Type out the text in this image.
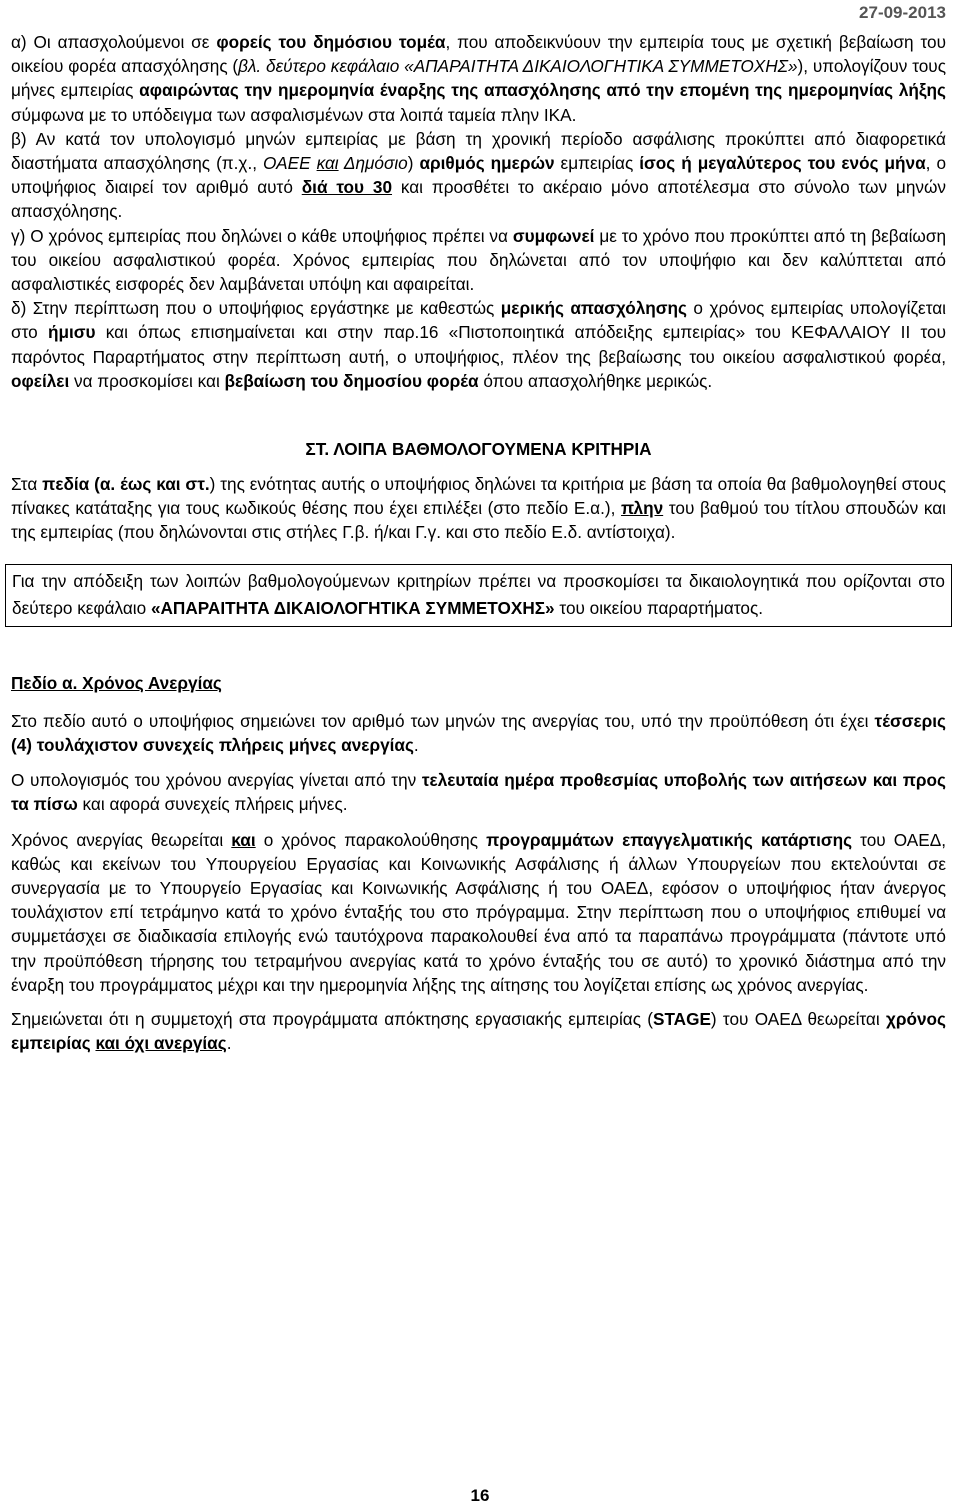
27-09-2013

α) Οι απασχολούμενοι σε φορείς του δημόσιου τομέα, που αποδεικνύουν την εμπειρία τους με σχετική βεβαίωση του οικείου φορέα απασχόλησης (βλ. δεύτερο κεφάλαιο «ΑΠΑΡΑΙΤΗΤΑ ΔΙΚΑΙΟΛΟΓΗΤΙΚΑ ΣΥΜΜΕΤΟΧΗΣ»), υπολογίζουν τους μήνες εμπειρίας αφαιρώντας την ημερομηνία έναρξης της απασχόλησης από την επομένη της ημερομηνίας λήξης σύμφωνα με το υπόδειγμα των ασφαλισμένων στα λοιπά ταμεία πλην ΙΚΑ.

β) Αν κατά τον υπολογισμό μηνών εμπειρίας με βάση τη χρονική περίοδο ασφάλισης προκύπτει από διαφορετικά διαστήματα απασχόλησης (π.χ., ΟΑΕΕ και Δημόσιο) αριθμός ημερών εμπειρίας ίσος ή μεγαλύτερος του ενός μήνα, ο υποψήφιος διαιρεί τον αριθμό αυτό διά του 30 και προσθέτει το ακέραιο μόνο αποτέλεσμα στο σύνολο των μηνών απασχόλησης.

γ) Ο χρόνος εμπειρίας που δηλώνει ο κάθε υποψήφιος πρέπει να συμφωνεί με το χρόνο που προκύπτει από τη βεβαίωση του οικείου ασφαλιστικού φορέα. Χρόνος εμπειρίας που δηλώνεται από τον υποψήφιο και δεν καλύπτεται από ασφαλιστικές εισφορές δεν λαμβάνεται υπόψη και αφαιρείται.

δ) Στην περίπτωση που ο υποψήφιος εργάστηκε με καθεστώς μερικής απασχόλησης ο χρόνος εμπειρίας υπολογίζεται στο ήμισυ και όπως επισημαίνεται και στην παρ.16 «Πιστοποιητικά απόδειξης εμπειρίας» του ΚΕΦΑΛΑΙΟΥ ΙΙ του παρόντος Παραρτήματος στην περίπτωση αυτή, ο υποψήφιος, πλέον της βεβαίωσης του οικείου ασφαλιστικού φορέα, οφείλει να προσκομίσει και βεβαίωση του δημοσίου φορέα όπου απασχολήθηκε μερικώς.

ΣΤ. ΛΟΙΠΑ ΒΑΘΜΟΛΟΓΟΥΜΕΝΑ ΚΡΙΤΗΡΙΑ

Στα πεδία (α. έως και στ.) της ενότητας αυτής ο υποψήφιος δηλώνει τα κριτήρια με βάση τα οποία θα βαθμολογηθεί στους πίνακες κατάταξης για τους κωδικούς θέσης που έχει επιλέξει (στο πεδίο Ε.α.), πλην του βαθμού του τίτλου σπουδών και της εμπειρίας (που δηλώνονται στις στήλες Γ.β. ή/και Γ.γ. και στο πεδίο Ε.δ. αντίστοιχα).

Για την απόδειξη των λοιπών βαθμολογούμενων κριτηρίων πρέπει να προσκομίσει τα δικαιολογητικά που ορίζονται στο δεύτερο κεφάλαιο «ΑΠΑΡΑΙΤΗΤΑ ΔΙΚΑΙΟΛΟΓΗΤΙΚΑ ΣΥΜΜΕΤΟΧΗΣ» του οικείου παραρτήματος.

Πεδίο α. Χρόνος Ανεργίας

Στο πεδίο αυτό ο υποψήφιος σημειώνει τον αριθμό των μηνών της ανεργίας του, υπό την προϋπόθεση ότι έχει τέσσερις (4) τουλάχιστον συνεχείς πλήρεις μήνες ανεργίας.

Ο υπολογισμός του χρόνου ανεργίας γίνεται από την τελευταία ημέρα προθεσμίας υποβολής των αιτήσεων και προς τα πίσω και αφορά συνεχείς πλήρεις μήνες.

Χρόνος ανεργίας θεωρείται και ο χρόνος παρακολούθησης προγραμμάτων επαγγελματικής κατάρτισης του ΟΑΕΔ, καθώς και εκείνων του Υπουργείου Εργασίας και Κοινωνικής Ασφάλισης ή άλλων Υπουργείων που εκτελούνται σε συνεργασία με το Υπουργείο Εργασίας και Κοινωνικής Ασφάλισης ή του ΟΑΕΔ, εφόσον ο υποψήφιος ήταν άνεργος τουλάχιστον επί τετράμηνο κατά το χρόνο ένταξής του στο πρόγραμμα. Στην περίπτωση που ο υποψήφιος επιθυμεί να συμμετάσχει σε διαδικασία επιλογής ενώ ταυτόχρονα παρακολουθεί ένα από τα παραπάνω προγράμματα (πάντοτε υπό την προϋπόθεση τήρησης του τετραμήνου ανεργίας κατά το χρόνο ένταξής του σε αυτό) το χρονικό διάστημα από την έναρξη του προγράμματος μέχρι και την ημερομηνία λήξης της αίτησης του λογίζεται επίσης ως χρόνος ανεργίας.

Σημειώνεται ότι η συμμετοχή στα προγράμματα απόκτησης εργασιακής εμπειρίας (STAGE) του ΟΑΕΔ θεωρείται χρόνος εμπειρίας και όχι ανεργίας.

16
